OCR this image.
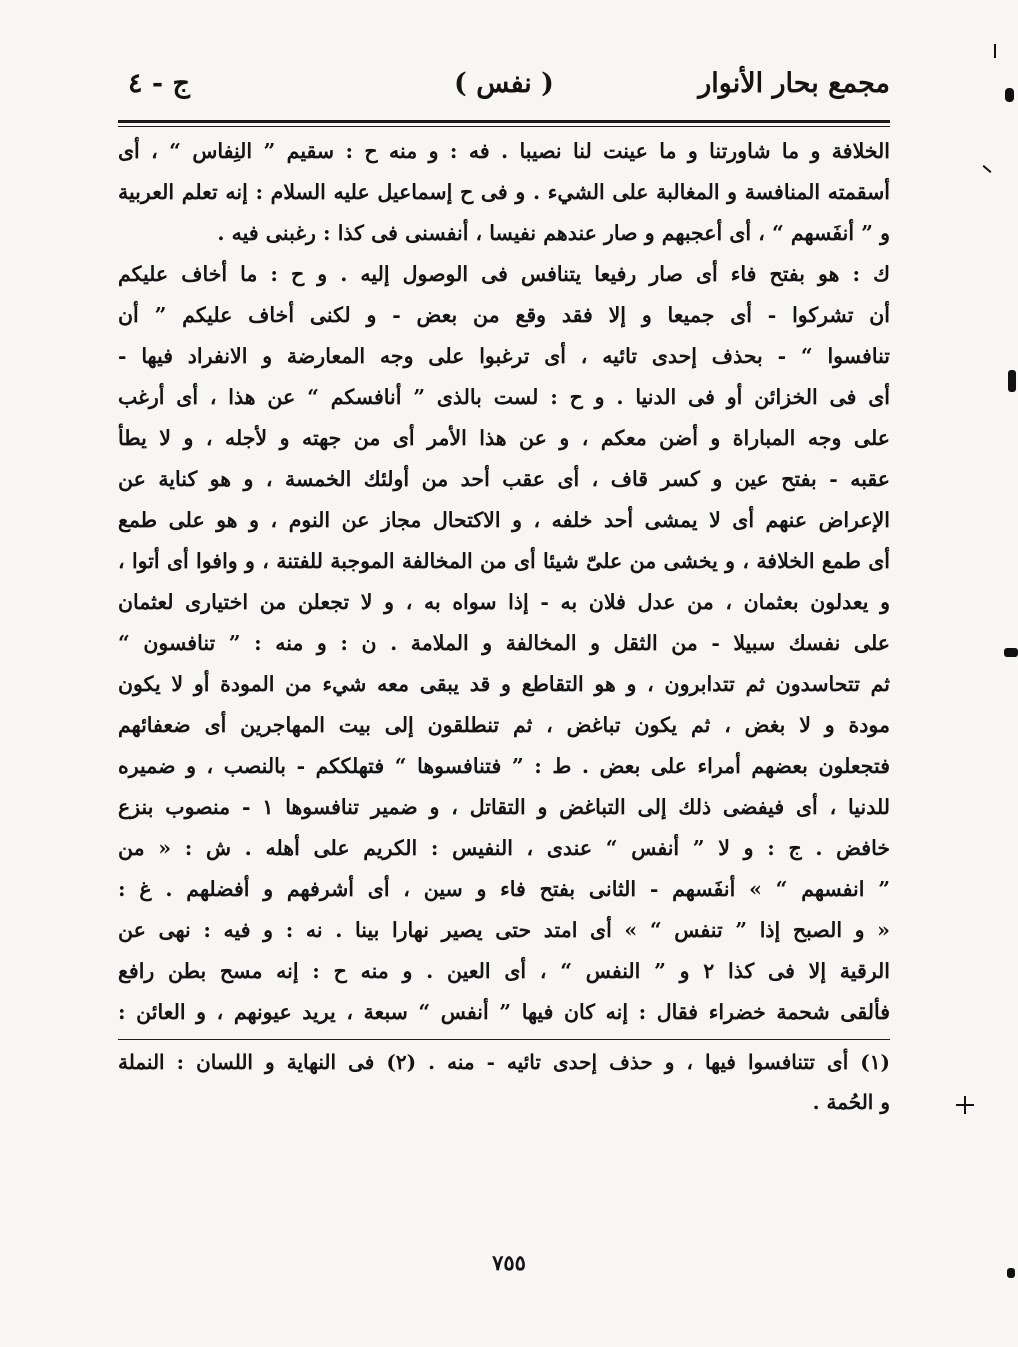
مجمع بحار الأنوار
( نفس )
ج - ٤
الخلافة و ما شاورتنا و ما عينت لنا نصيبا . فه : و منه ح : سقيم ” النِفاس “ ، أى
أسقمته المنافسة و المغالبة على الشيء . و فى ح إسماعيل عليه السلام : إنه تعلم العربية
و ” أنفَسهم “ ، أى أعجبهم و صار عندهم نفيسا ، أنفسنى فى كذا : رغبنى فيه .
ك : هو بفتح فاء أى صار رفيعا يتنافس فى الوصول إليه . و ح : ما أخاف عليكم
أن تشركوا - أى جميعا و إلا فقد وقع من بعض - و لكنى أخاف عليكم ” أن
تنافسوا “ - بحذف إحدى تائيه ، أى ترغبوا على وجه المعارضة و الانفراد فيها -
أى فى الخزائن أو فى الدنيا . و ح : لست بالذى ” أنافسكم “ عن هذا ، أى أرغب
على وجه المباراة و أضن معكم ، و عن هذا الأمر أى من جهته و لأجله ، و لا يطأ
عقبه - بفتح عين و كسر قاف ، أى عقب أحد من أولئك الخمسة ، و هو كناية عن
الإعراض عنهم أى لا يمشى أحد خلفه ، و الاكتحال مجاز عن النوم ، و هو على طمع
أى طمع الخلافة ، و يخشى من علىّ شيئا أى من المخالفة الموجبة للفتنة ، و وافوا أى أتوا ،
و يعدلون بعثمان ، من عدل فلان به - إذا سواه به ، و لا تجعلن من اختيارى لعثمان
على نفسك سبيلا - من الثقل و المخالفة و الملامة . ن : و منه : ” تنافسون “
ثم تتحاسدون ثم تتدابرون ، و هو التقاطع و قد يبقى معه شيء من المودة أو لا يكون
مودة و لا بغض ، ثم يكون تباغض ، ثم تنطلقون إلى بيت المهاجرين أى ضعفائهم
فتجعلون بعضهم أمراء على بعض . ط : ” فتنافسوها “ فتهلككم - بالنصب ، و ضميره
للدنيا ، أى فيفضى ذلك إلى التباغض و التقاتل ، و ضمير تنافسوها ١ - منصوب بنزع
خافض . ج : و لا ” أنفس “ عندى ، النفيس : الكريم على أهله . ش : « من
” انفسهم “ » أنفَسهم - الثانى بفتح فاء و سين ، أى أشرفهم و أفضلهم . غ :
« و الصبح إذا ” تنفس “ » أى امتد حتى يصير نهارا بينا . نه : و فيه : نهى عن
الرقية إلا فى كذا ٢ و ” النفس “ ، أى العين . و منه ح : إنه مسح بطن رافع
فألقى شحمة خضراء فقال : إنه كان فيها ” أنفس “ سبعة ، يريد عيونهم ، و العائن :
(١) أى تتنافسوا فيها ، و حذف إحدى تائيه - منه . (٢) فى النهاية و اللسان : النملة
و الحُمة .
٧٥٥
